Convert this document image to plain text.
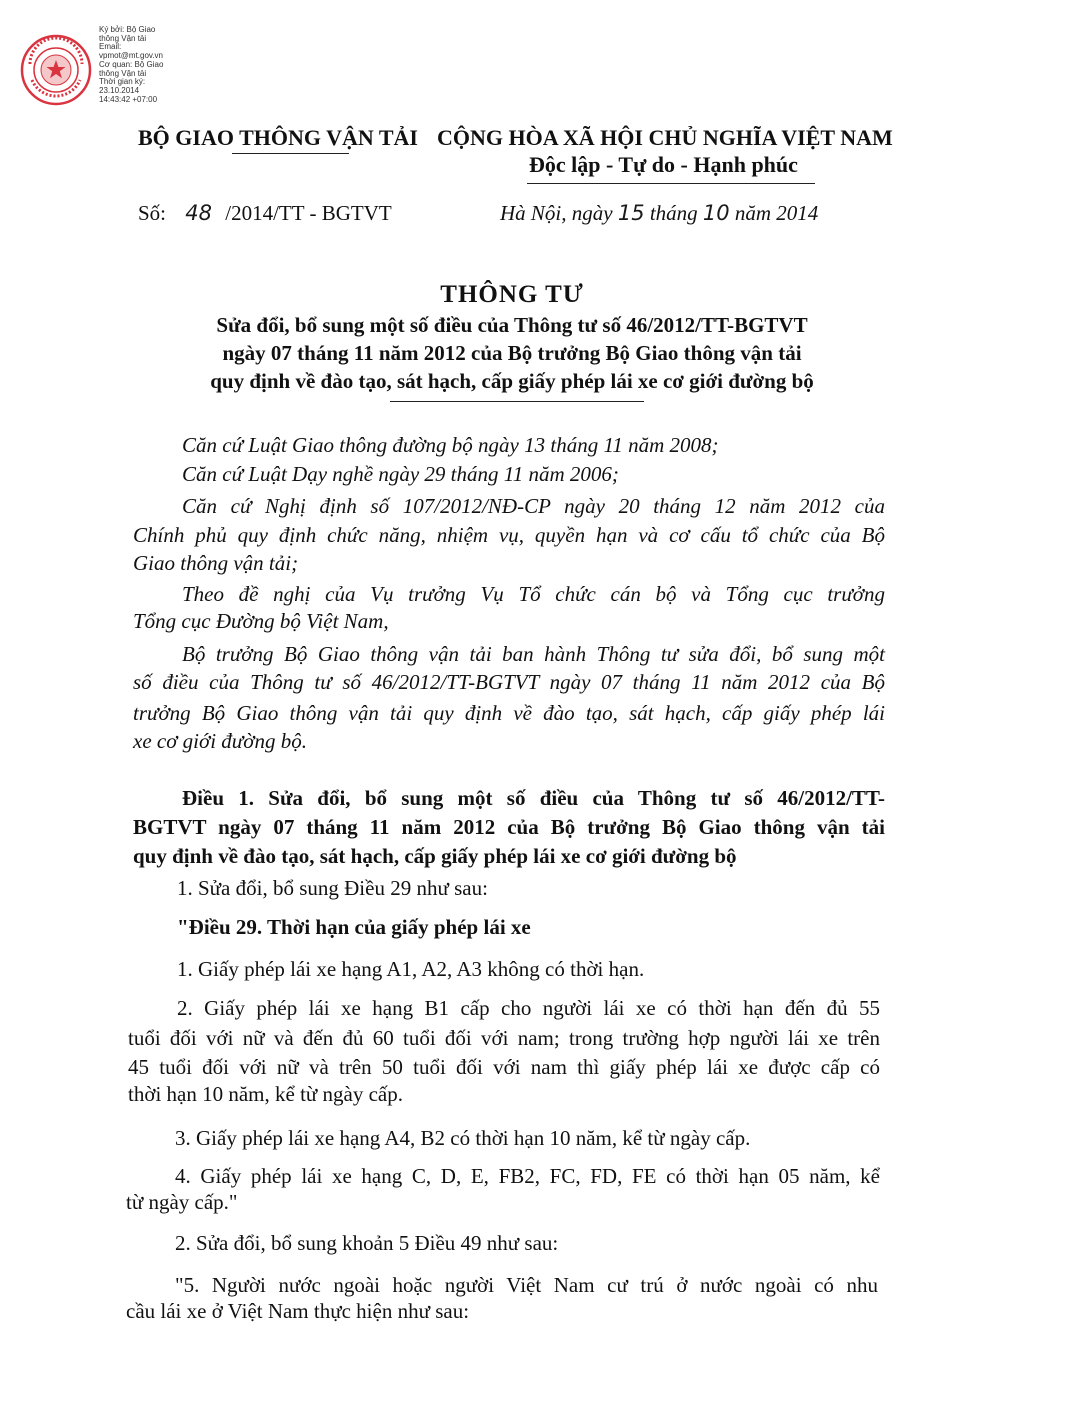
Ký bởi: Bộ Giao
thông Vận tải
Email:
vpmot@mt.gov.vn
Cơ quan: Bộ Giao
thông Vận tải
Thời gian ký:
23.10.2014
14:43:42 +07:00
BỘ GIAO THÔNG VẬN TẢI CỘNG HÒA XÃ HỘI CHỦ NGHĨA VIỆT NAM
Độc lập - Tự do - Hạnh phúc
Số: 48 /2014/TT - BGTVT	Hà Nội, ngày 15 tháng 10 năm 2014
THÔNG TƯ
Sửa đổi, bổ sung một số điều của Thông tư số 46/2012/TT-BGTVT
ngày 07 tháng 11 năm 2012 của Bộ trưởng Bộ Giao thông vận tải
quy định về đào tạo, sát hạch, cấp giấy phép lái xe cơ giới đường bộ
Căn cứ Luật Giao thông đường bộ ngày 13 tháng 11 năm 2008;
Căn cứ Luật Dạy nghề ngày 29 tháng 11 năm 2006;
Căn cứ Nghị định số 107/2012/NĐ-CP ngày 20 tháng 12 năm 2012 của
Chính phủ quy định chức năng, nhiệm vụ, quyền hạn và cơ cấu tổ chức của Bộ
Giao thông vận tải;
Theo đề nghị của Vụ trưởng Vụ Tổ chức cán bộ và Tổng cục trưởng
Tổng cục Đường bộ Việt Nam,
Bộ trưởng Bộ Giao thông vận tải ban hành Thông tư sửa đổi, bổ sung một
số điều của Thông tư số 46/2012/TT-BGTVT ngày 07 tháng 11 năm 2012 của Bộ
trưởng Bộ Giao thông vận tải quy định về đào tạo, sát hạch, cấp giấy phép lái
xe cơ giới đường bộ.
Điều 1. Sửa đổi, bổ sung một số điều của Thông tư số 46/2012/TT-
BGTVT ngày 07 tháng 11 năm 2012 của Bộ trưởng Bộ Giao thông vận tải
quy định về đào tạo, sát hạch, cấp giấy phép lái xe cơ giới đường bộ
1. Sửa đổi, bổ sung Điều 29 như sau:
"Điều 29. Thời hạn của giấy phép lái xe
1. Giấy phép lái xe hạng A1, A2, A3 không có thời hạn.
2. Giấy phép lái xe hạng B1 cấp cho người lái xe có thời hạn đến đủ 55
tuổi đối với nữ và đến đủ 60 tuổi đối với nam; trong trường hợp người lái xe trên
45 tuổi đối với nữ và trên 50 tuổi đối với nam thì giấy phép lái xe được cấp có
thời hạn 10 năm, kể từ ngày cấp.
3. Giấy phép lái xe hạng A4, B2 có thời hạn 10 năm, kể từ ngày cấp.
4. Giấy phép lái xe hạng C, D, E, FB2, FC, FD, FE có thời hạn 05 năm, kể
từ ngày cấp."
2. Sửa đổi, bổ sung khoản 5 Điều 49 như sau:
"5. Người nước ngoài hoặc người Việt Nam cư trú ở nước ngoài có nhu
cầu lái xe ở Việt Nam thực hiện như sau:
